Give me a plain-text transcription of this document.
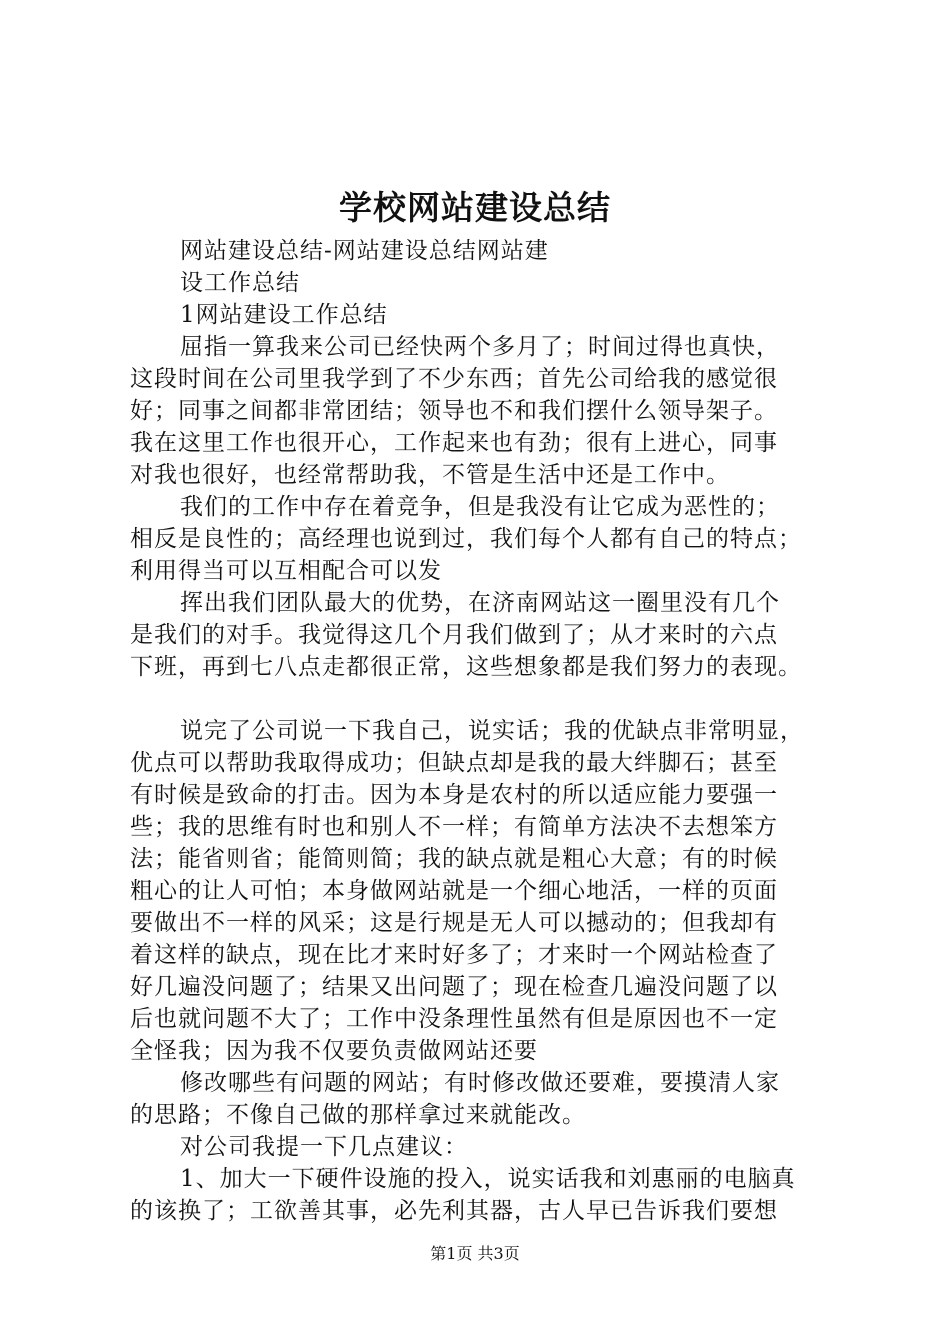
学校网站建设总结
网站建设总结-网站建设总结网站建
设工作总结
1网站建设工作总结
屈指一算我来公司已经快两个多月了；时间过得也真快，
这段时间在公司里我学到了不少东西；首先公司给我的感觉很
好；同事之间都非常团结；领导也不和我们摆什么领导架子。
我在这里工作也很开心，工作起来也有劲；很有上进心，同事
对我也很好，也经常帮助我，不管是生活中还是工作中。
我们的工作中存在着竞争，但是我没有让它成为恶性的；
相反是良性的；高经理也说到过，我们每个人都有自己的特点；
利用得当可以互相配合可以发
挥出我们团队最大的优势，在济南网站这一圈里没有几个
是我们的对手。我觉得这几个月我们做到了；从才来时的六点
下班，再到七八点走都很正常，这些想象都是我们努力的表现。
说完了公司说一下我自己，说实话；我的优缺点非常明显，
优点可以帮助我取得成功；但缺点却是我的最大绊脚石；甚至
有时候是致命的打击。因为本身是农村的所以适应能力要强一
些；我的思维有时也和别人不一样；有简单方法决不去想笨方
法；能省则省；能简则简；我的缺点就是粗心大意；有的时候
粗心的让人可怕；本身做网站就是一个细心地活，一样的页面
要做出不一样的风采；这是行规是无人可以撼动的；但我却有
着这样的缺点，现在比才来时好多了；才来时一个网站检查了
好几遍没问题了；结果又出问题了；现在检查几遍没问题了以
后也就问题不大了；工作中没条理性虽然有但是原因也不一定
全怪我；因为我不仅要负责做网站还要
修改哪些有问题的网站；有时修改做还要难，要摸清人家
的思路；不像自己做的那样拿过来就能改。
对公司我提一下几点建议：
1、加大一下硬件设施的投入，说实话我和刘惠丽的电脑真
的该换了；工欲善其事，必先利其器，古人早已告诉我们要想
第1页 共3页
